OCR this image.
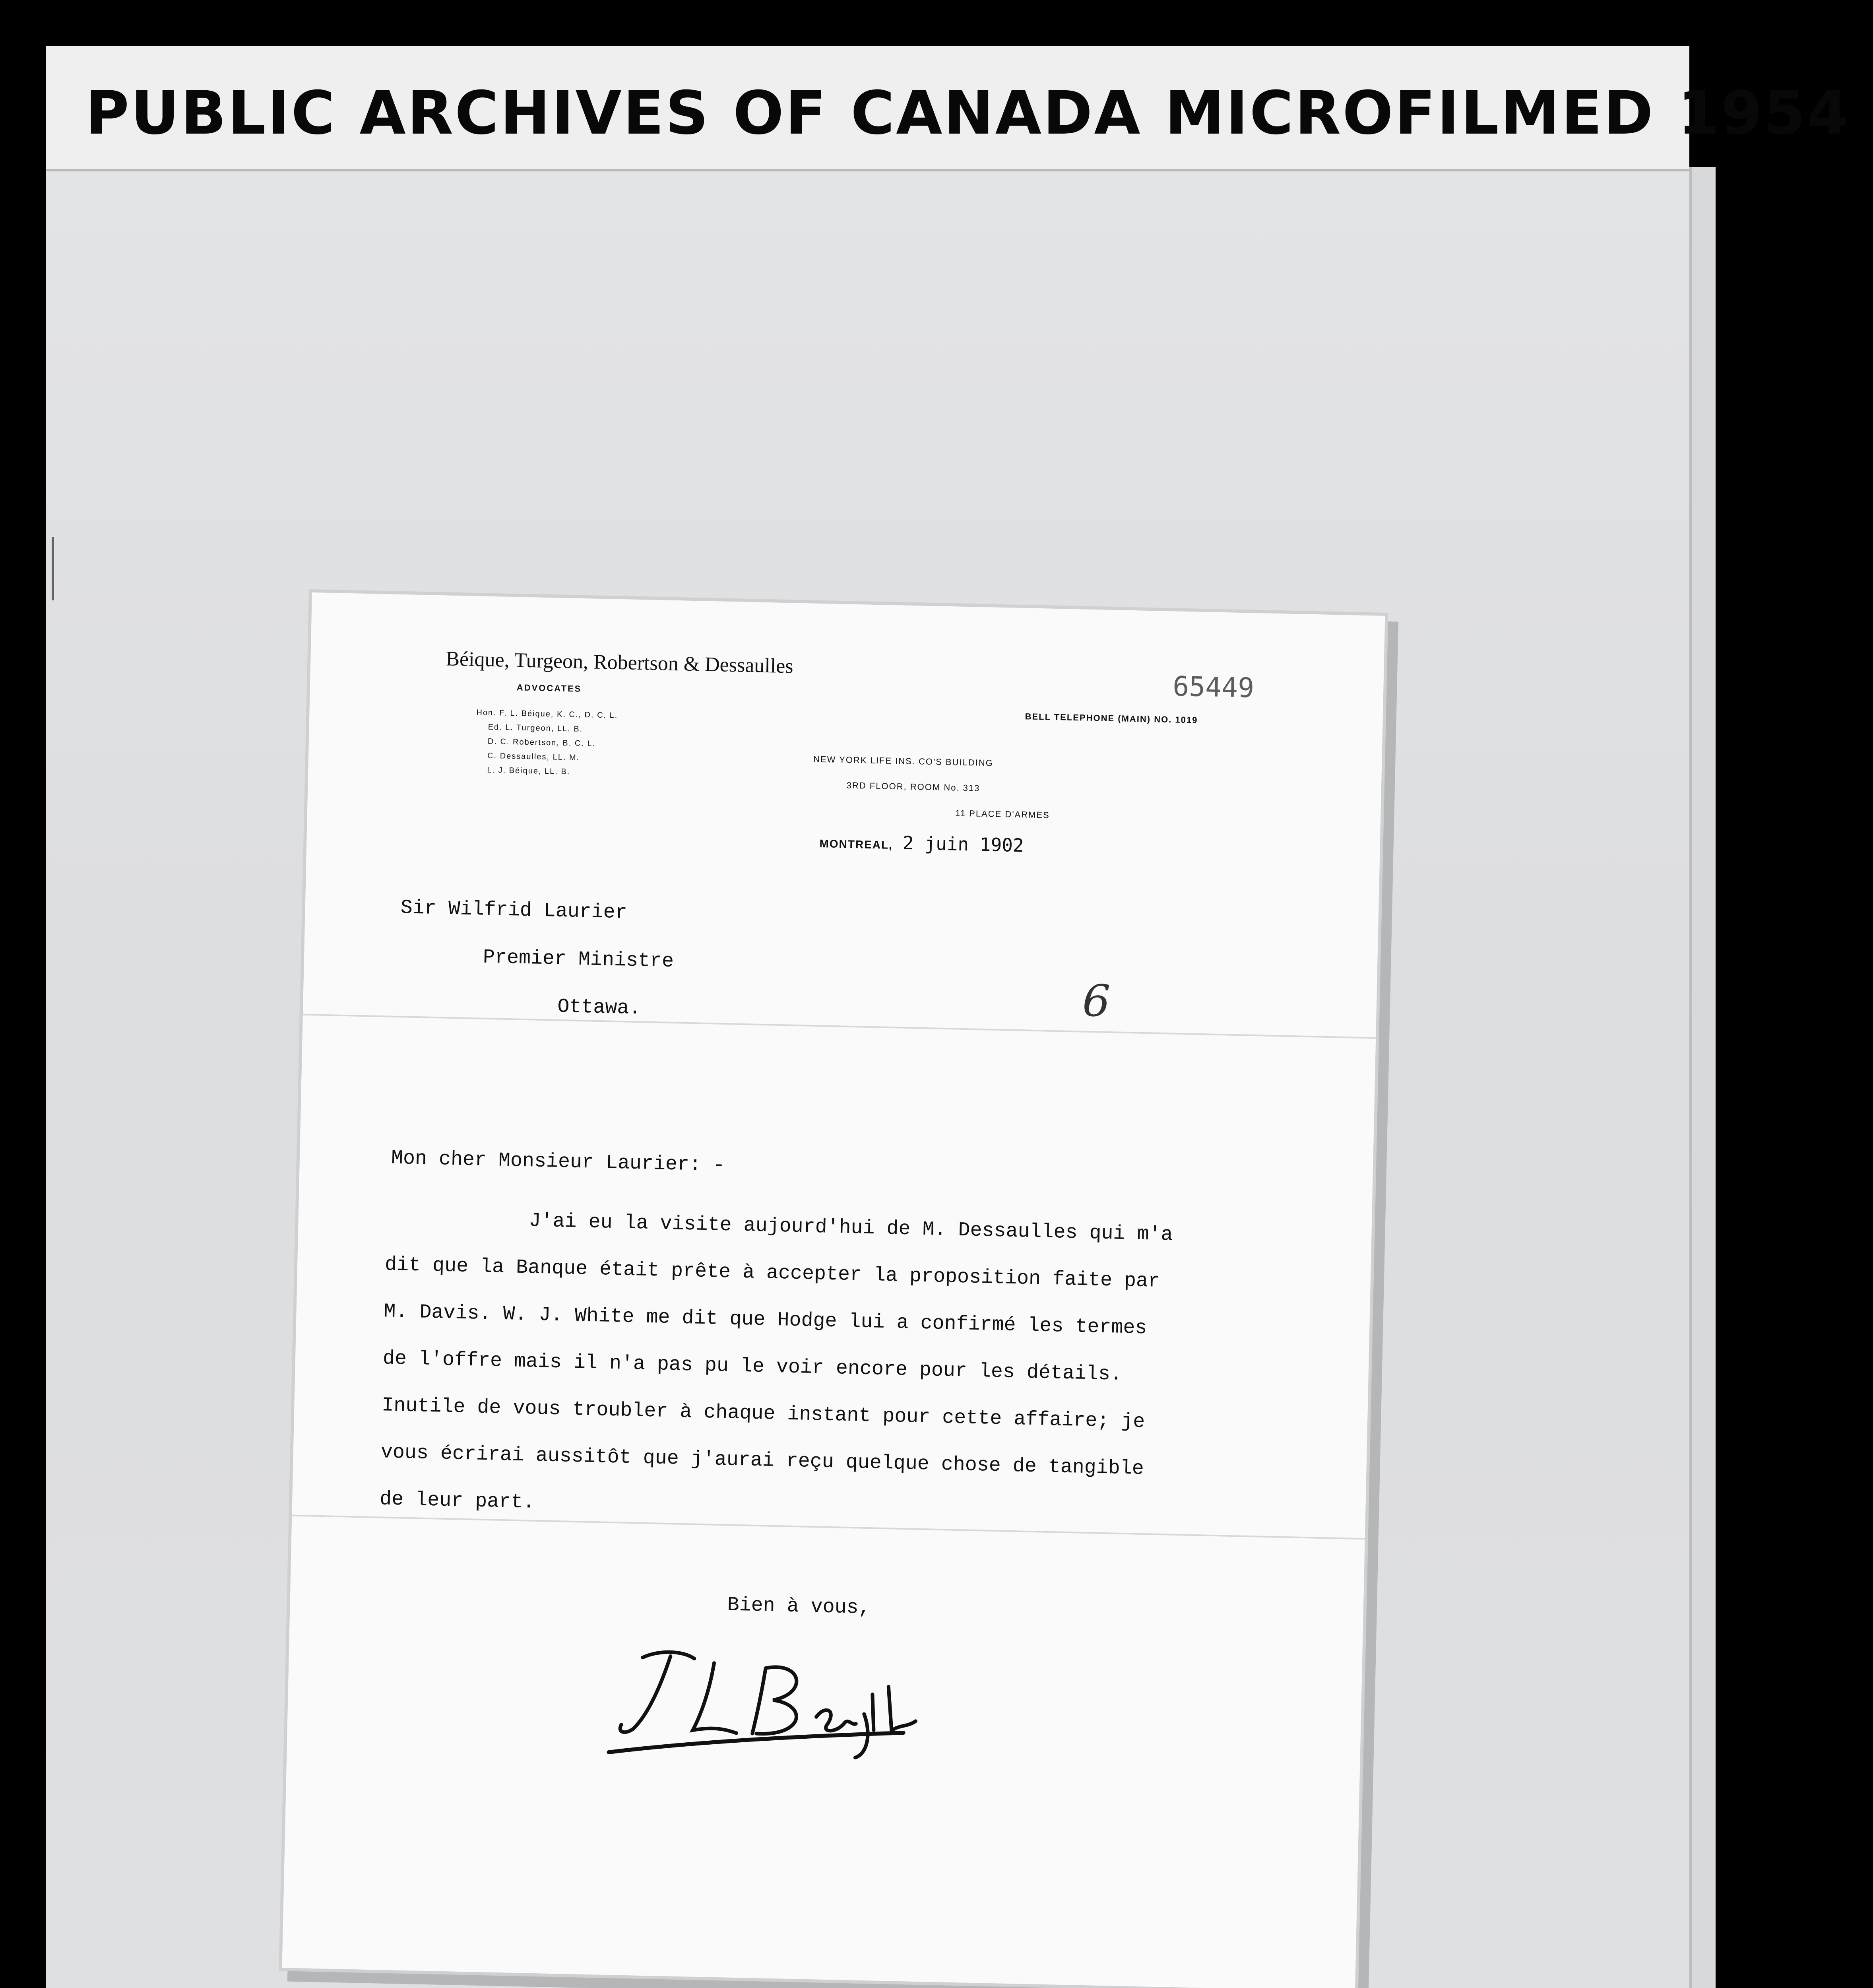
PUBLIC ARCHIVES OF CANADA MICROFILMED 1954
Béique, Turgeon, Robertson & Dessaulles
ADVOCATES
Hon. F. L. Béique, K. C., D. C. L.
Ed. L. Turgeon, LL. B.
D. C. Robertson, B. C. L.
C. Dessaulles, LL. M.
L. J. Béique, LL. B.
65449
BELL TELEPHONE (MAIN) NO. 1019
NEW YORK LIFE INS. CO'S BUILDING
3RD FLOOR, ROOM No. 313
11 PLACE D'ARMES
MONTREAL, 2 juin 1902
Sir Wilfrid Laurier
Premier Ministre
Ottawa.	6
Mon cher Monsieur Laurier: -
J'ai eu la visite aujourd'hui de M. Dessaulles qui m'a
dit que la Banque était prête à accepter la proposition faite par
M. Davis. W. J. White me dit que Hodge lui a confirmé les termes
de l'offre mais il n'a pas pu le voir encore pour les détails.
Inutile de vous troubler à chaque instant pour cette affaire; je
vous écrirai aussitôt que j'aurai reçu quelque chose de tangible
de leur part.
Bien à vous,
